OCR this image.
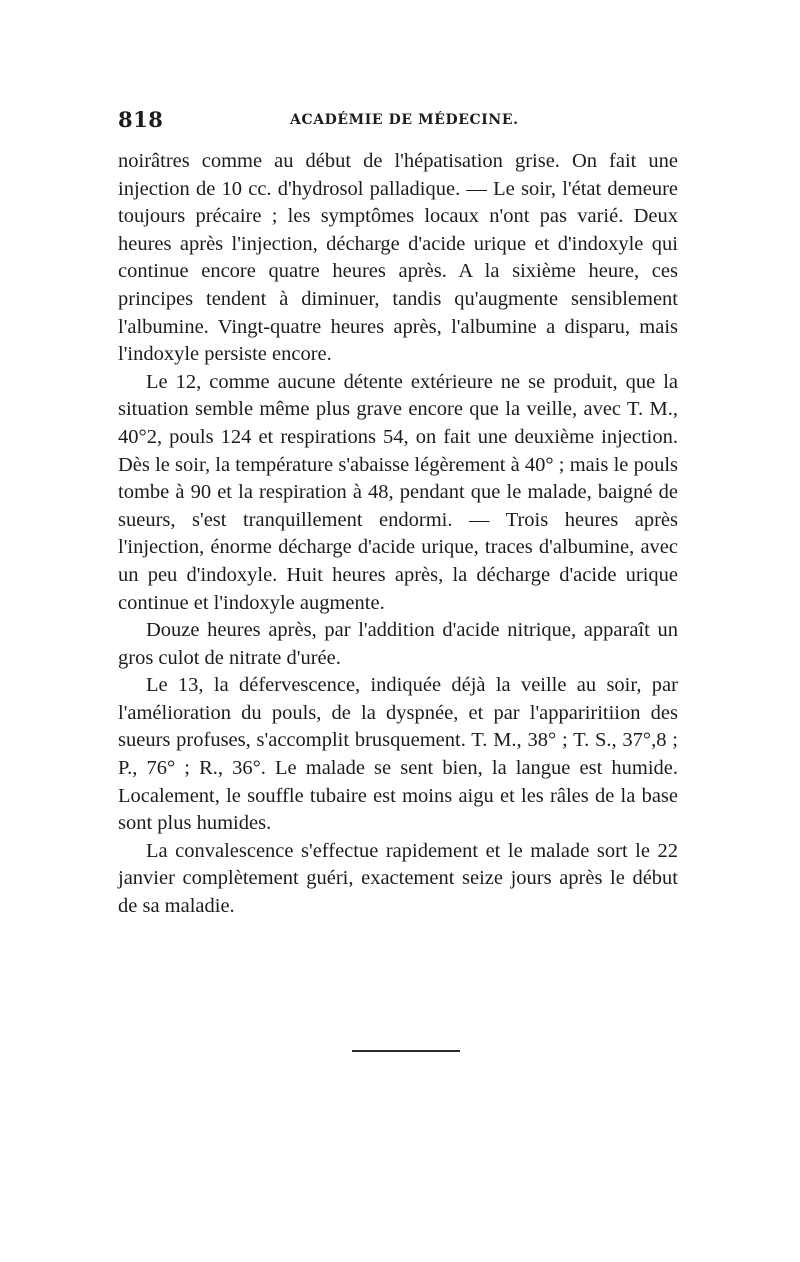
818	ACADÉMIE DE MÉDECINE.

noirâtres comme au début de l'hépatisation grise. On fait une injection de 10 cc. d'hydrosol palladique. — Le soir, l'état demeure toujours précaire ; les symptômes locaux n'ont pas varié. Deux heures après l'injection, décharge d'acide urique et d'indoxyle qui continue encore quatre heures après. A la sixième heure, ces principes tendent à diminuer, tandis qu'augmente sensiblement l'albumine. Vingt-quatre heures après, l'albumine a disparu, mais l'indoxyle persiste encore.

Le 12, comme aucune détente extérieure ne se produit, que la situation semble même plus grave encore que la veille, avec T. M., 40°2, pouls 124 et respirations 54, on fait une deuxième injection. Dès le soir, la température s'abaisse légèrement à 40° ; mais le pouls tombe à 90 et la respiration à 48, pendant que le malade, baigné de sueurs, s'est tranquillement endormi. — Trois heures après l'injection, énorme décharge d'acide urique, traces d'albumine, avec un peu d'indoxyle. Huit heures après, la décharge d'acide urique continue et l'indoxyle augmente.

Douze heures après, par l'addition d'acide nitrique, apparaît un gros culot de nitrate d'urée.

Le 13, la défervescence, indiquée déjà la veille au soir, par l'amélioration du pouls, de la dyspnée, et par l'appariritiion des sueurs profuses, s'accomplit brusquement. T. M., 38° ; T. S., 37°,8 ; P., 76° ; R., 36°. Le malade se sent bien, la langue est humide. Localement, le souffle tubaire est moins aigu et les râles de la base sont plus humides.

La convalescence s'effectue rapidement et le malade sort le 22 janvier complètement guéri, exactement seize jours après le début de sa maladie.
